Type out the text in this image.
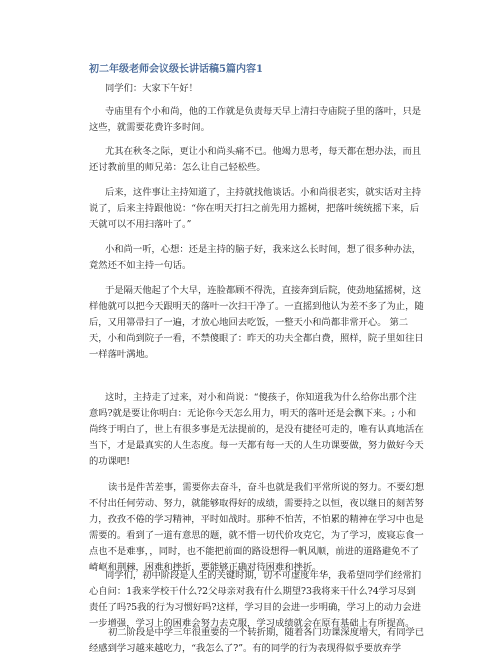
初二年级老师会议级长讲话稿5篇内容1
同学们：大家下午好！
寺庙里有个小和尚，他的工作就是负责每天早上清扫寺庙院子里的落叶，只是
这些，就需要花费许多时间。
尤其在秋冬之际，更让小和尚头痛不已。他竭力思考，每天都在想办法，而且
还讨教前里的师兄弟：怎么让自己轻松些。
后来，这件事让主持知道了，主持就找他谈话。小和尚很老实，就实话对主持
说了，后来主持跟他说：“你在明天打扫之前先用力摇树，把落叶统统摇下来，后
天就可以不用扫落叶了。”
小和尚一听，心想：还是主持的脑子好，我来这么长时间，想了很多种办法，
竟然还不如主持一句话。
于是隔天他起了个大早，连脸都顾不得洗，直接奔到后院，使劲地猛摇树，这
样他就可以把今天跟明天的落叶一次扫干净了。一直摇到他认为差不多了为止，随
后，又用箒帚扫了一遍，才放心地回去吃饭，一整天小和尚都非常开心。 第二
天，小和尚到院子一看，不禁傻眼了：昨天的功夫全都白费，照样，院子里如往日
一样落叶满地。
这时，主持走了过来，对小和尚说：“傻孩子，你知道我为什么给你出那个注
意吗?就是要让你明白：无论你今天怎么用力，明天的落叶还是会飘下来。; 小和
尚终于明白了，世上有很多事是无法提前的，是没有捷径可走的，唯有认真地活在
当下，才是最真实的人生态度。每一天都有每一天的人生功课要做，努力做好今天
的功课吧!
读书是件苦差事，需要你去奋斗，奋斗也就是我们平常所说的努力。不要幻想
不付出任何劳动、努力，就能够取得好的成绩，需要持之以恒，夜以继日的刻苦努
力，孜孜不倦的学习精神，平时如战时。那种不怕苦，不怕累的精神在学习中也是
需要的。看到了一道有意思的题，就不惜一切代价攻克它，为了学习，废寝忘食一
点也不是难事，，同时，也不能把前面的路设想得一帆风顺，前进的道路避免不了
崎岖和荆棘，困难和挫折，要能够正确对待困难和挫折。
同学们，初中阶段是人生的关键时期，切不可虚度年华，我希望同学们经常扪
心自问：1我来学校干什么?2父母亲对我有什么期望?3我将来干什么?4学习尽到
责任了吗?5我的行为习惯好吗?这样，学习目的会进一步明确，学习上的动力会进
一步增强，学习上的困难会努力去克服，学习成绩就会在原有基础上有所提高。
初二阶段是中学三年很重要的一个转折期，随着各门功课深度增大，有同学已
经感到学习越来越吃力，“我怎么了?”。有的同学的行为表现得似乎要放弃学
